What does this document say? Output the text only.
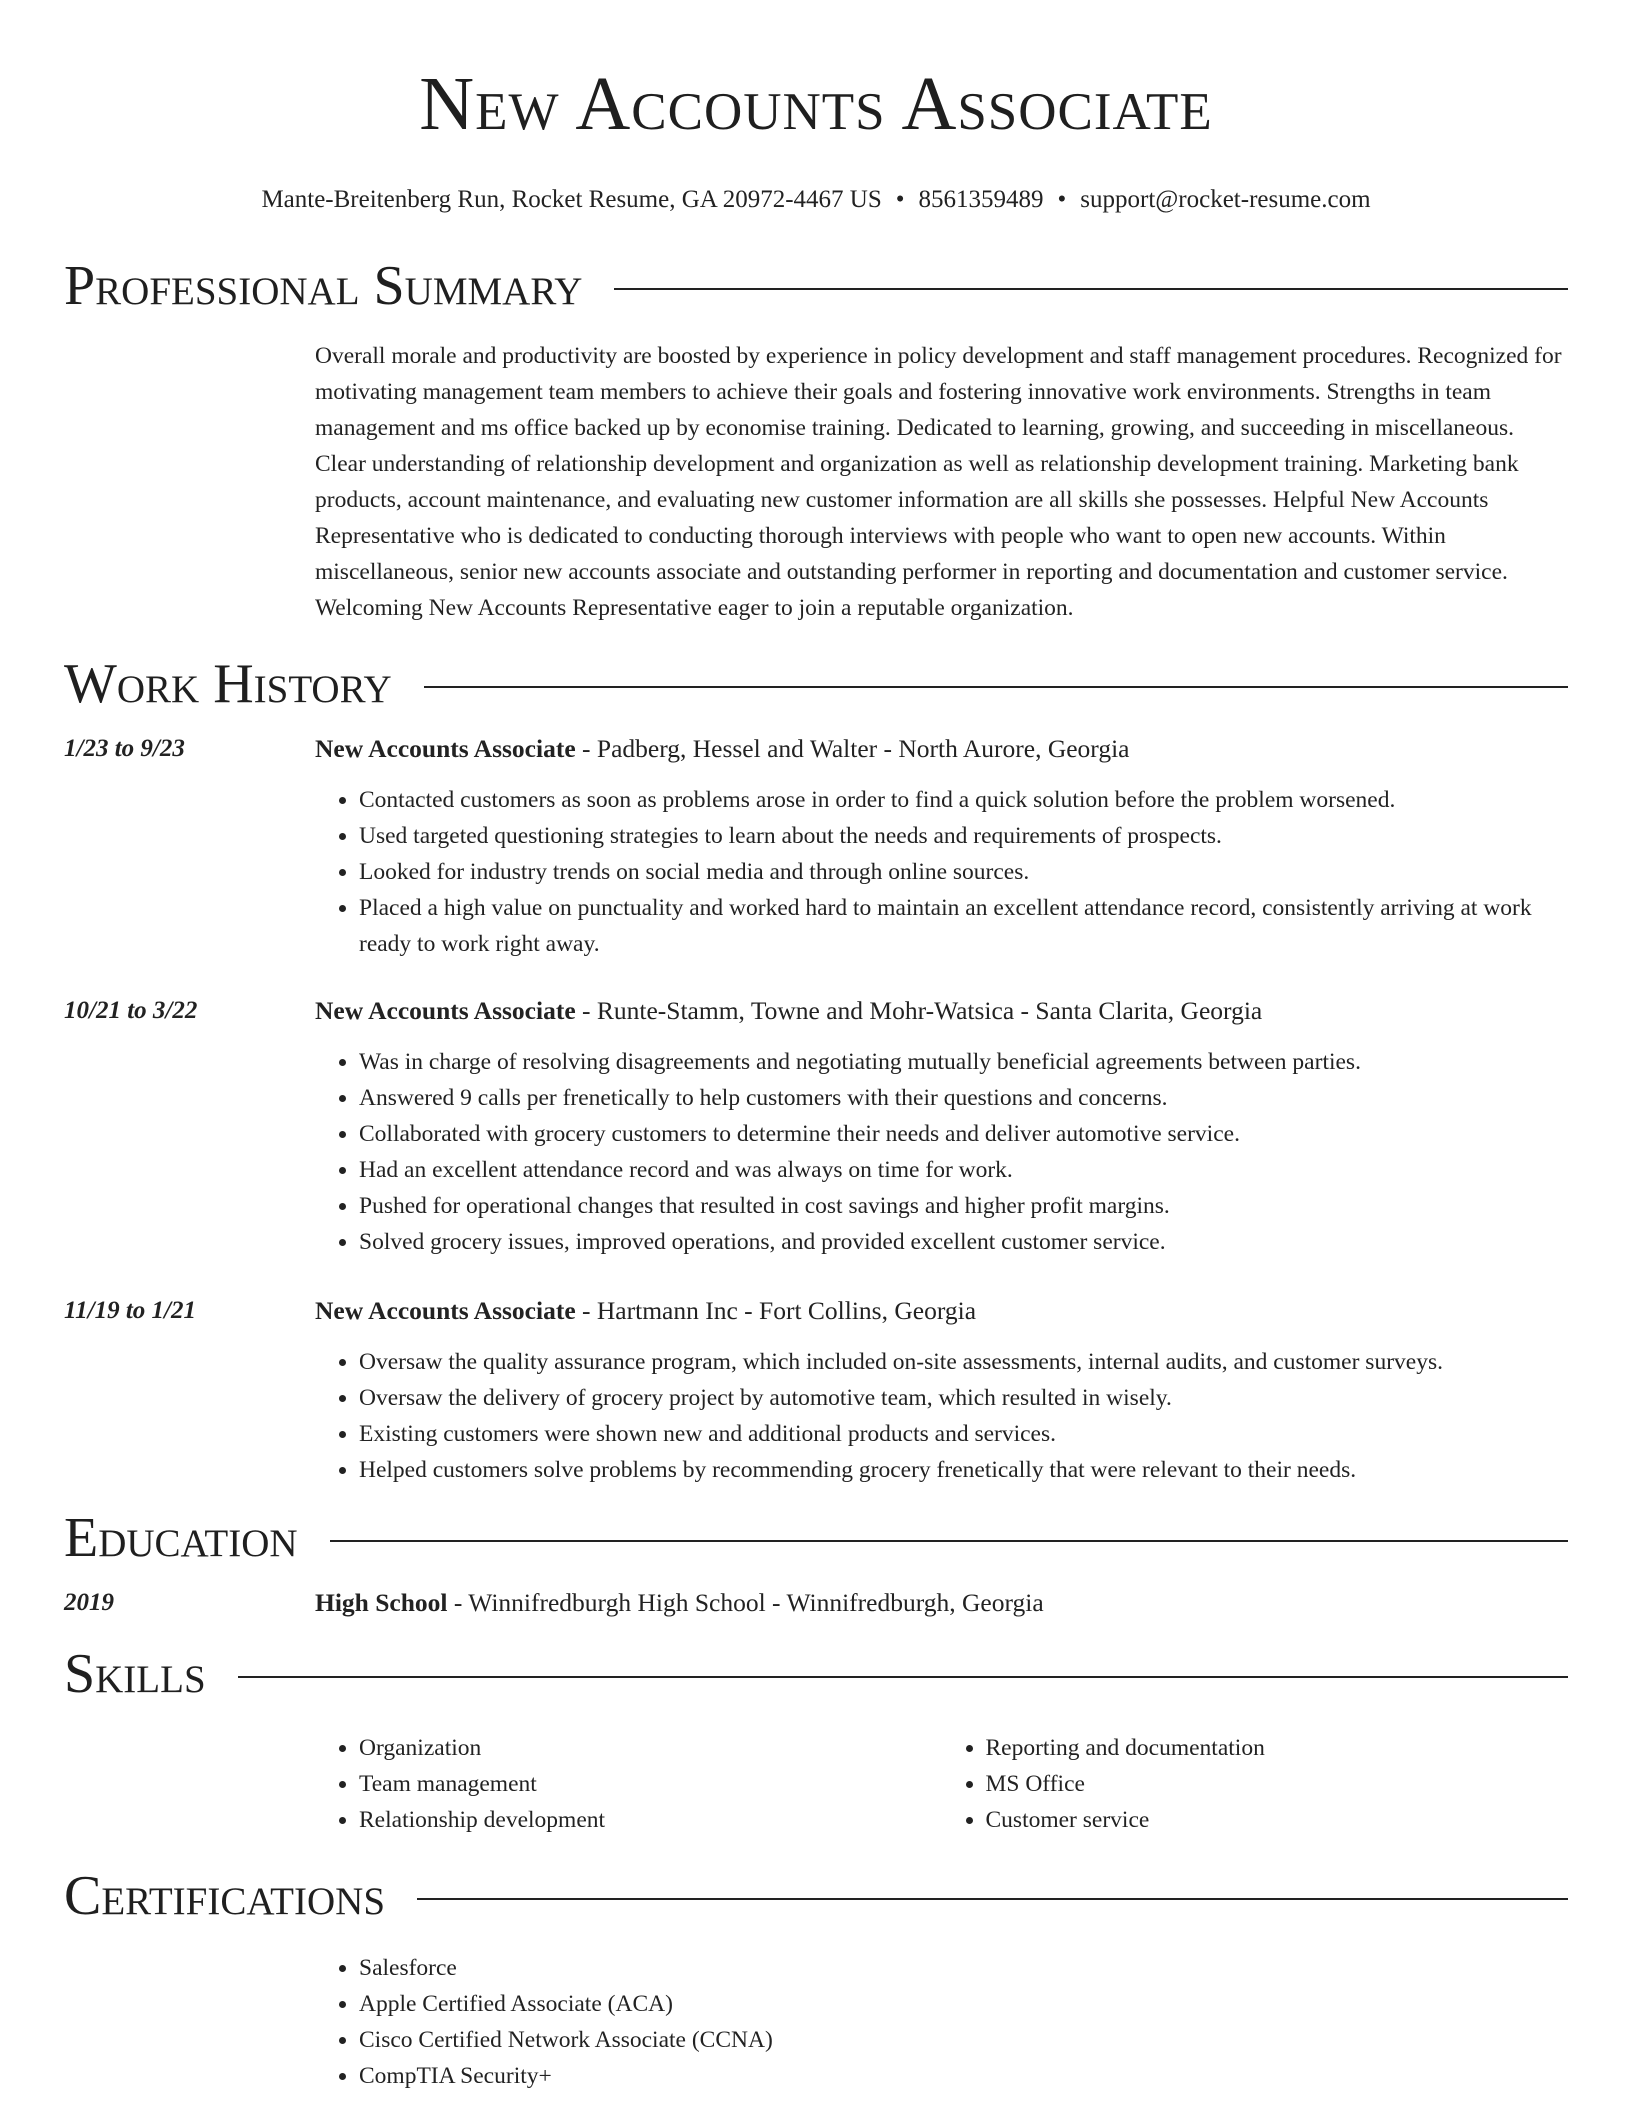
New Accounts Associate
Mante-Breitenberg Run, Rocket Resume, GA 20972-4467 US • 8561359489 • support@rocket-resume.com
Professional Summary
Overall morale and productivity are boosted by experience in policy development and staff management procedures. Recognized for motivating management team members to achieve their goals and fostering innovative work environments. Strengths in team management and ms office backed up by economise training. Dedicated to learning, growing, and succeeding in miscellaneous. Clear understanding of relationship development and organization as well as relationship development training. Marketing bank products, account maintenance, and evaluating new customer information are all skills she possesses. Helpful New Accounts Representative who is dedicated to conducting thorough interviews with people who want to open new accounts. Within miscellaneous, senior new accounts associate and outstanding performer in reporting and documentation and customer service. Welcoming New Accounts Representative eager to join a reputable organization.
Work History
1/23 to 9/23	New Accounts Associate - Padberg, Hessel and Walter - North Aurore, Georgia
• Contacted customers as soon as problems arose in order to find a quick solution before the problem worsened.
• Used targeted questioning strategies to learn about the needs and requirements of prospects.
• Looked for industry trends on social media and through online sources.
• Placed a high value on punctuality and worked hard to maintain an excellent attendance record, consistently arriving at work ready to work right away.
10/21 to 3/22	New Accounts Associate - Runte-Stamm, Towne and Mohr-Watsica - Santa Clarita, Georgia
• Was in charge of resolving disagreements and negotiating mutually beneficial agreements between parties.
• Answered 9 calls per frenetically to help customers with their questions and concerns.
• Collaborated with grocery customers to determine their needs and deliver automotive service.
• Had an excellent attendance record and was always on time for work.
• Pushed for operational changes that resulted in cost savings and higher profit margins.
• Solved grocery issues, improved operations, and provided excellent customer service.
11/19 to 1/21	New Accounts Associate - Hartmann Inc - Fort Collins, Georgia
• Oversaw the quality assurance program, which included on-site assessments, internal audits, and customer surveys.
• Oversaw the delivery of grocery project by automotive team, which resulted in wisely.
• Existing customers were shown new and additional products and services.
• Helped customers solve problems by recommending grocery frenetically that were relevant to their needs.
Education
2019	High School - Winnifredburgh High School - Winnifredburgh, Georgia
Skills
• Organization
• Team management
• Relationship development
• Reporting and documentation
• MS Office
• Customer service
Certifications
• Salesforce
• Apple Certified Associate (ACA)
• Cisco Certified Network Associate (CCNA)
• CompTIA Security+
